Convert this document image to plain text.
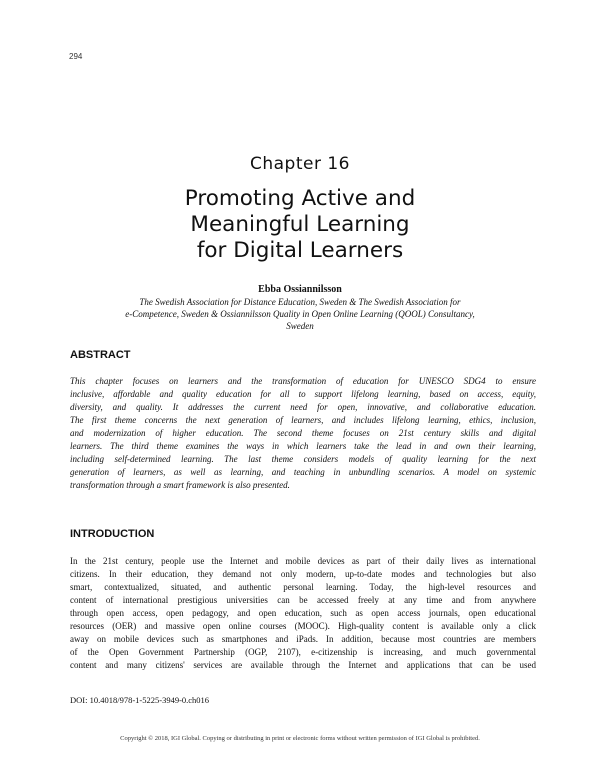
294
Chapter 16
Promoting Active and
Meaningful Learning
for Digital Learners
Ebba Ossiannilsson
The Swedish Association for Distance Education, Sweden & The Swedish Association for
e-Competence, Sweden & Ossiannilsson Quality in Open Online Learning (QOOL) Consultancy,
Sweden
ABSTRACT
This chapter focuses on learners and the transformation of education for UNESCO SDG4 to ensure
inclusive, affordable and quality education for all to support lifelong learning, based on access, equity,
diversity, and quality. It addresses the current need for open, innovative, and collaborative education.
The first theme concerns the next generation of learners, and includes lifelong learning, ethics, inclusion,
and modernization of higher education. The second theme focuses on 21st century skills and digital
learners. The third theme examines the ways in which learners take the lead in and own their learning,
including self-determined learning. The last theme considers models of quality learning for the next
generation of learners, as well as learning, and teaching in unbundling scenarios. A model on systemic
transformation through a smart framework is also presented.
INTRODUCTION
In the 21st century, people use the Internet and mobile devices as part of their daily lives as international
citizens. In their education, they demand not only modern, up-to-date modes and technologies but also
smart, contextualized, situated, and authentic personal learning. Today, the high-level resources and
content of international prestigious universities can be accessed freely at any time and from anywhere
through open access, open pedagogy, and open education, such as open access journals, open educational
resources (OER) and massive open online courses (MOOC). High-quality content is available only a click
away on mobile devices such as smartphones and iPads. In addition, because most countries are members
of the Open Government Partnership (OGP, 2107), e-citizenship is increasing, and much governmental
content and many citizens' services are available through the Internet and applications that can be used
DOI: 10.4018/978-1-5225-3949-0.ch016
Copyright © 2018, IGI Global. Copying or distributing in print or electronic forms without written permission of IGI Global is prohibited.
